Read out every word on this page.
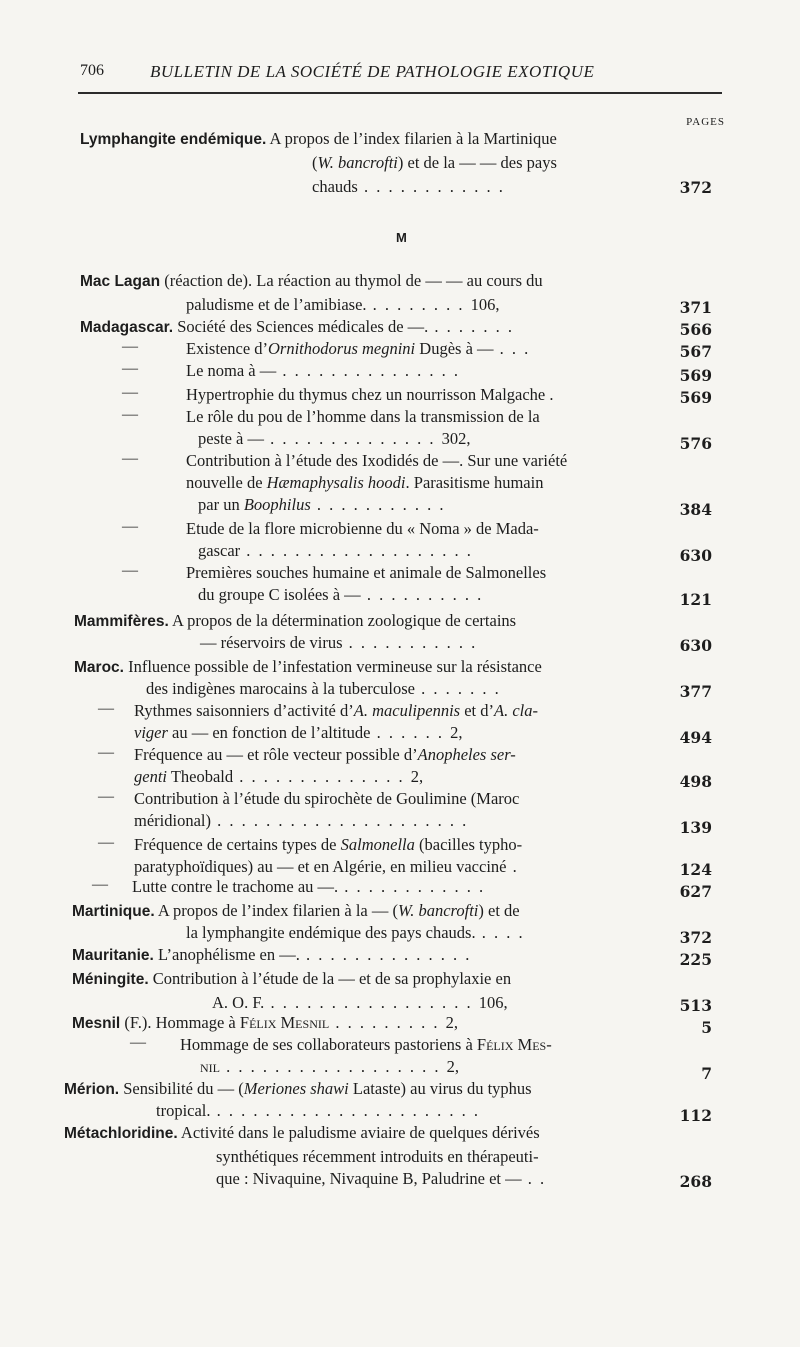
706	BULLETIN DE LA SOCIÉTÉ DE PATHOLOGIE EXOTIQUE
PAGES
Lymphangite endémique. A propos de l’index filarien à la Martinique
(W. bancrofti) et de la — — des pays
chauds . . . . . . . . . . . .	372
M
Mac Lagan (réaction de). La réaction au thymol de — — au cours du
paludisme et de l’amibiase. . . . . . . . . 106,	371
Madagascar. Société des Sciences médicales de —. . . . . . . .	566
—	Existence d’Ornithodorus megnini Dugès à — . . .	567
—	Le noma à — . . . . . . . . . . . . . . .	569
—	Hypertrophie du thymus chez un nourrisson Malgache .	569
—	Le rôle du pou de l’homme dans la transmission de la
peste à — . . . . . . . . . . . . . . 302,	576
—	Contribution à l’étude des Ixodidés de —. Sur une variété
nouvelle de Hæmaphysalis hoodi. Parasitisme humain
par un Boophilus . . . . . . . . . . .	384
—	Etude de la flore microbienne du « Noma » de Mada-
gascar . . . . . . . . . . . . . . . . . . .	630
—	Premières souches humaine et animale de Salmonelles
du groupe C isolées à — . . . . . . . . . .	121
Mammifères. A propos de la détermination zoologique de certains
— réservoirs de virus . . . . . . . . . . .	630
Maroc. Influence possible de l’infestation vermineuse sur la résistance
des indigènes marocains à la tuberculose . . . . . . .	377
— Rythmes saisonniers d’activité d’A. maculipennis et d’A. cla-
viger au — en fonction de l’altitude . . . . . . 2,	494
— Fréquence au — et rôle vecteur possible d’Anopheles ser-
genti Theobald . . . . . . . . . . . . . . 2,	498
— Contribution à l’étude du spirochète de Goulimine (Maroc
méridional) . . . . . . . . . . . . . . . . . . . . .	139
— Fréquence de certains types de Salmonella (bacilles typho-
paratyphoïdiques) au — et en Algérie, en milieu vacciné .	124
— Lutte contre le trachome au —. . . . . . . . . . . . .	627
Martinique. A propos de l’index filarien à la — (W. bancrofti) et de
la lymphangite endémique des pays chauds. . . . .	372
Mauritanie. L’anophélisme en —. . . . . . . . . . . . . . .	225
Méningite. Contribution à l’étude de la — et de sa prophylaxie en
A. O. F. . . . . . . . . . . . . . . . . . 106,	513
Mesnil (F.). Hommage à Félix Mesnil . . . . . . . . . 2,	5
— Hommage de ses collaborateurs pastoriens à Félix Mes-
nil . . . . . . . . . . . . . . . . . . 2,	7
Mérion. Sensibilité du — (Meriones shawi Lataste) au virus du typhus
tropical. . . . . . . . . . . . . . . . . . . . . . .	112
Métachloridine. Activité dans le paludisme aviaire de quelques dérivés
synthétiques récemment introduits en thérapeuti-
que : Nivaquine, Nivaquine B, Paludrine et — . .	268
